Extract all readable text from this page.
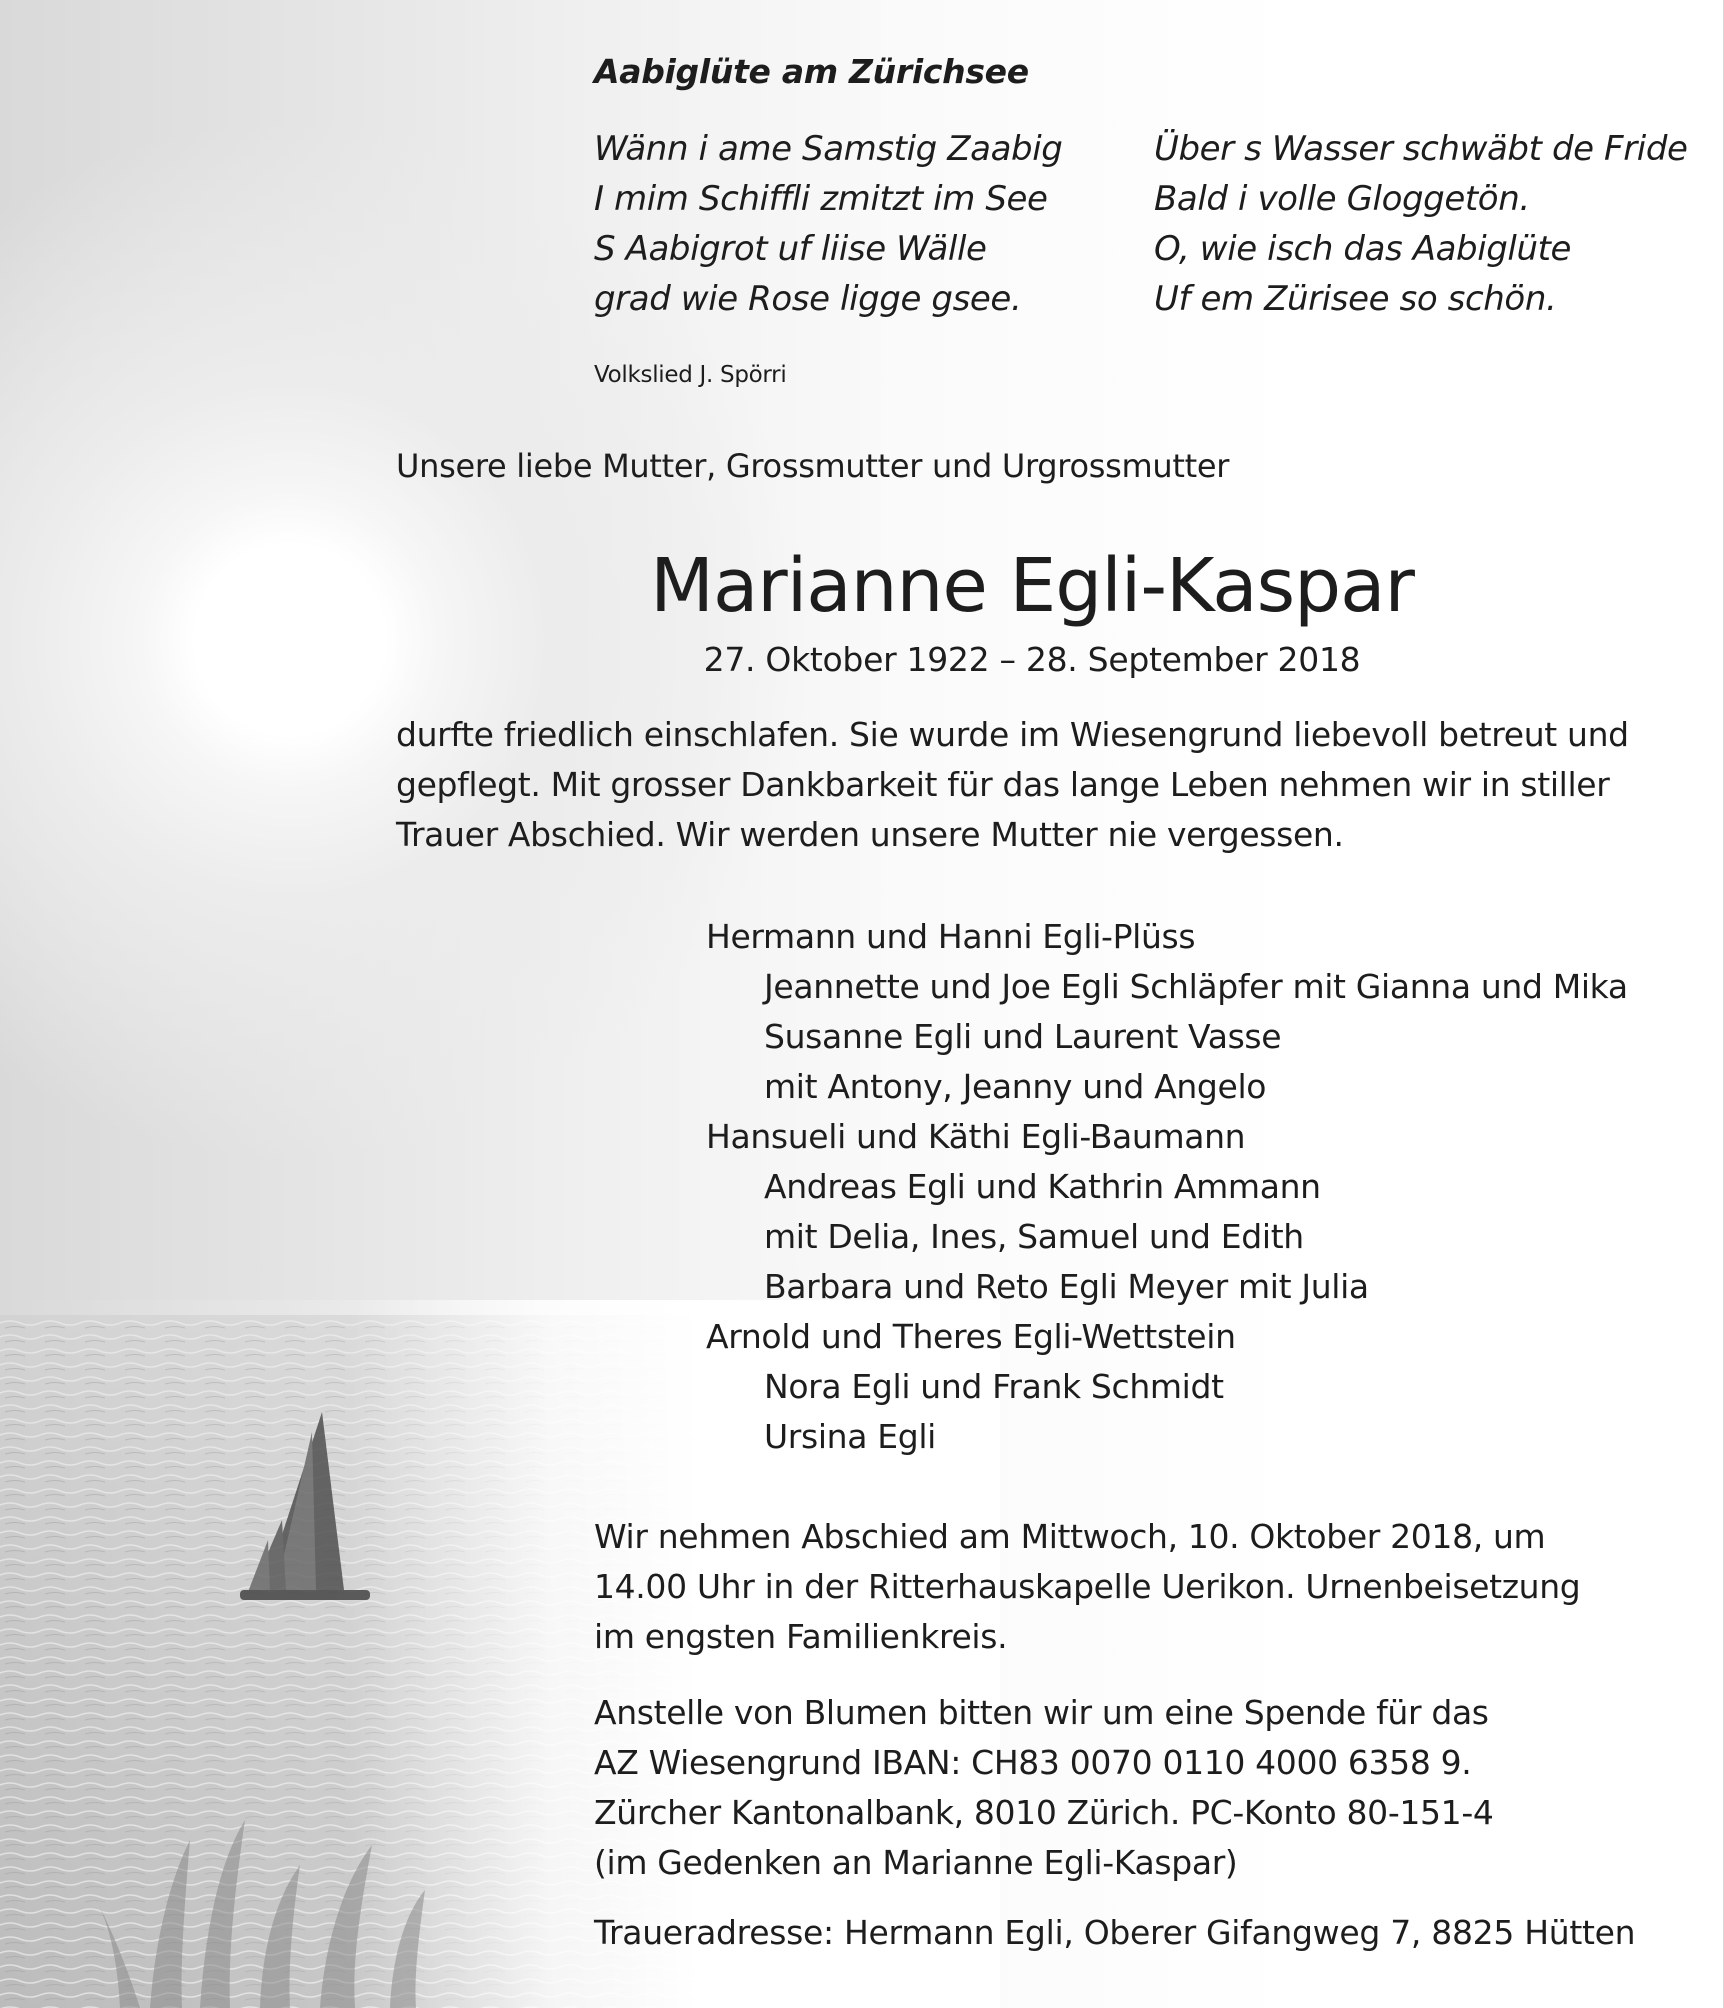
Aabiglüte am Zürichsee
Wänn i ame Samstig Zaabig
I mim Schiffli zmitzt im See
S Aabigrot uf liise Wälle
grad wie Rose ligge gsee.
Über s Wasser schwäbt de Fride
Bald i volle Gloggetön.
O, wie isch das Aabiglüte
Uf em Zürisee so schön.
Volkslied J. Spörri
Unsere liebe Mutter, Grossmutter und Urgrossmutter
Marianne Egli-Kaspar
27. Oktober 1922 – 28. September 2018
durfte friedlich einschlafen. Sie wurde im Wiesengrund liebevoll betreut und
gepflegt. Mit grosser Dankbarkeit für das lange Leben nehmen wir in stiller
Trauer Abschied. Wir werden unsere Mutter nie vergessen.
Hermann und Hanni Egli-Plüss
Jeannette und Joe Egli Schläpfer mit Gianna und Mika
Susanne Egli und Laurent Vasse
mit Antony, Jeanny und Angelo
Hansueli und Käthi Egli-Baumann
Andreas Egli und Kathrin Ammann
mit Delia, Ines, Samuel und Edith
Barbara und Reto Egli Meyer mit Julia
Arnold und Theres Egli-Wettstein
Nora Egli und Frank Schmidt
Ursina Egli
Wir nehmen Abschied am Mittwoch, 10. Oktober 2018, um
14.00 Uhr in der Ritterhauskapelle Uerikon. Urnenbeisetzung
im engsten Familienkreis.
Anstelle von Blumen bitten wir um eine Spende für das
AZ Wiesengrund IBAN: CH83 0070 0110 4000 6358 9.
Zürcher Kantonalbank, 8010 Zürich. PC-Konto 80-151-4
(im Gedenken an Marianne Egli-Kaspar)
Traueradresse: Hermann Egli, Oberer Gifangweg 7, 8825 Hütten
